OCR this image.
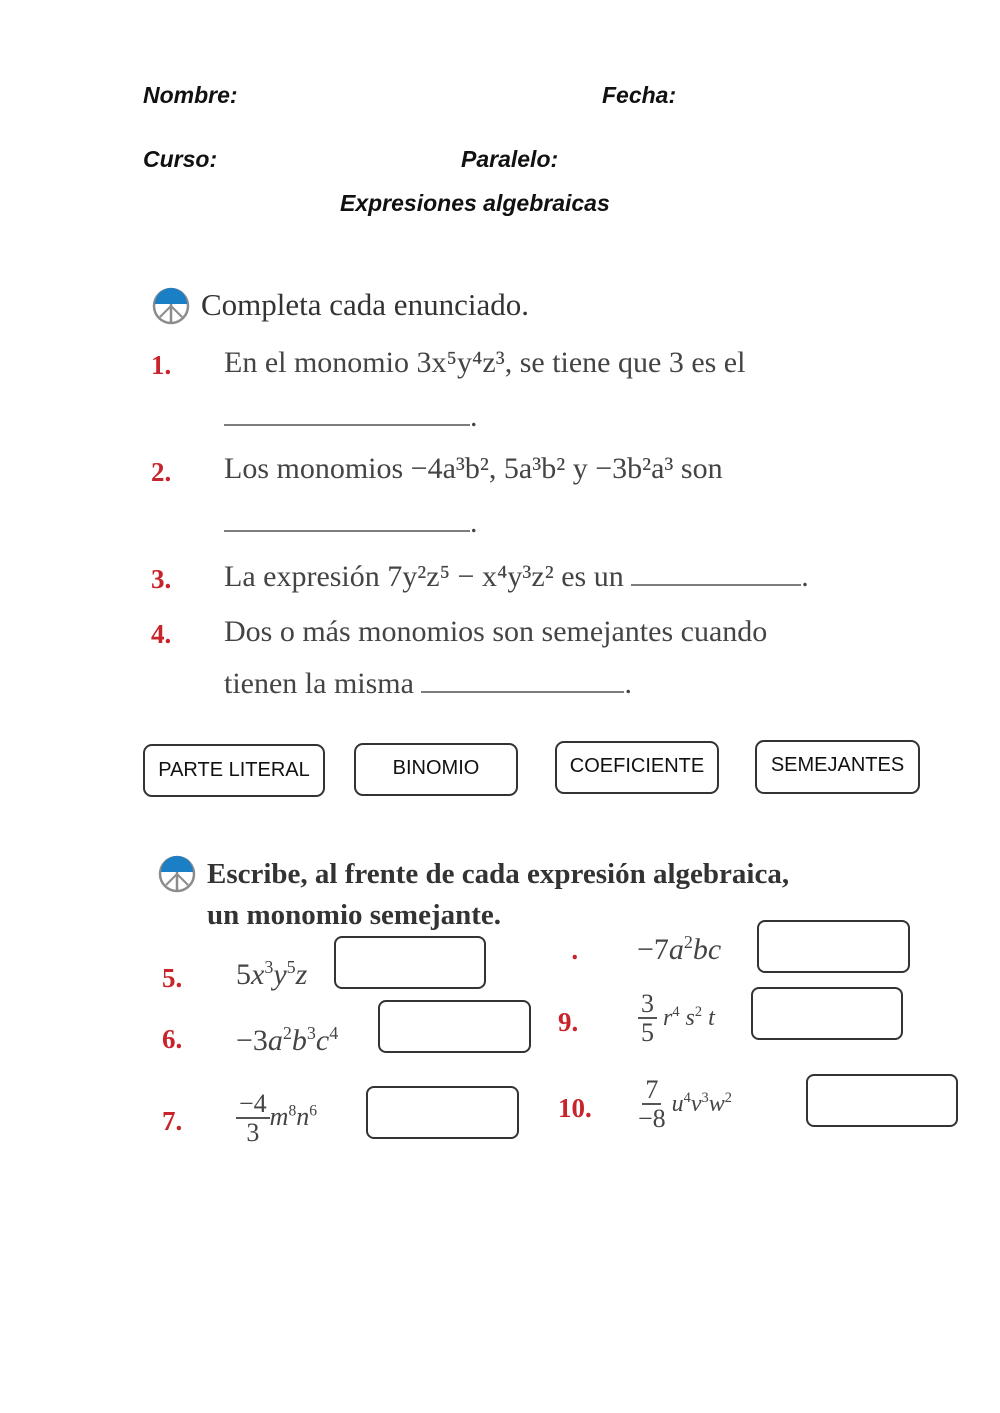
Nombre:	Fecha:
Curso:	Paralelo:
Expresiones algebraicas
Completa cada enunciado.
1. En el monomio 3x⁵y⁴z³, se tiene que 3 es el
.
2. Los monomios −4a³b², 5a³b² y −3b²a³ son
.
3. La expresión 7y²z⁵ − x⁴y³z² es un	.
4. Dos o más monomios son semejantes cuando
tienen la misma	.
PARTE LITERAL	BINOMIO	COEFICIENTE	SEMEJANTES
Escribe, al frente de cada expresión algebraica,
un monomio semejante.
5. $5x^3y^5z$
6. $-3a^2b^3c^4$
7. $\frac{-4}{3} m^8n^6$
 . $-7a^2bc$
9. $\frac{3}{5} r^4$ $s^2$ t
10. $\frac{7}{-8} u^4v^3w^2$
